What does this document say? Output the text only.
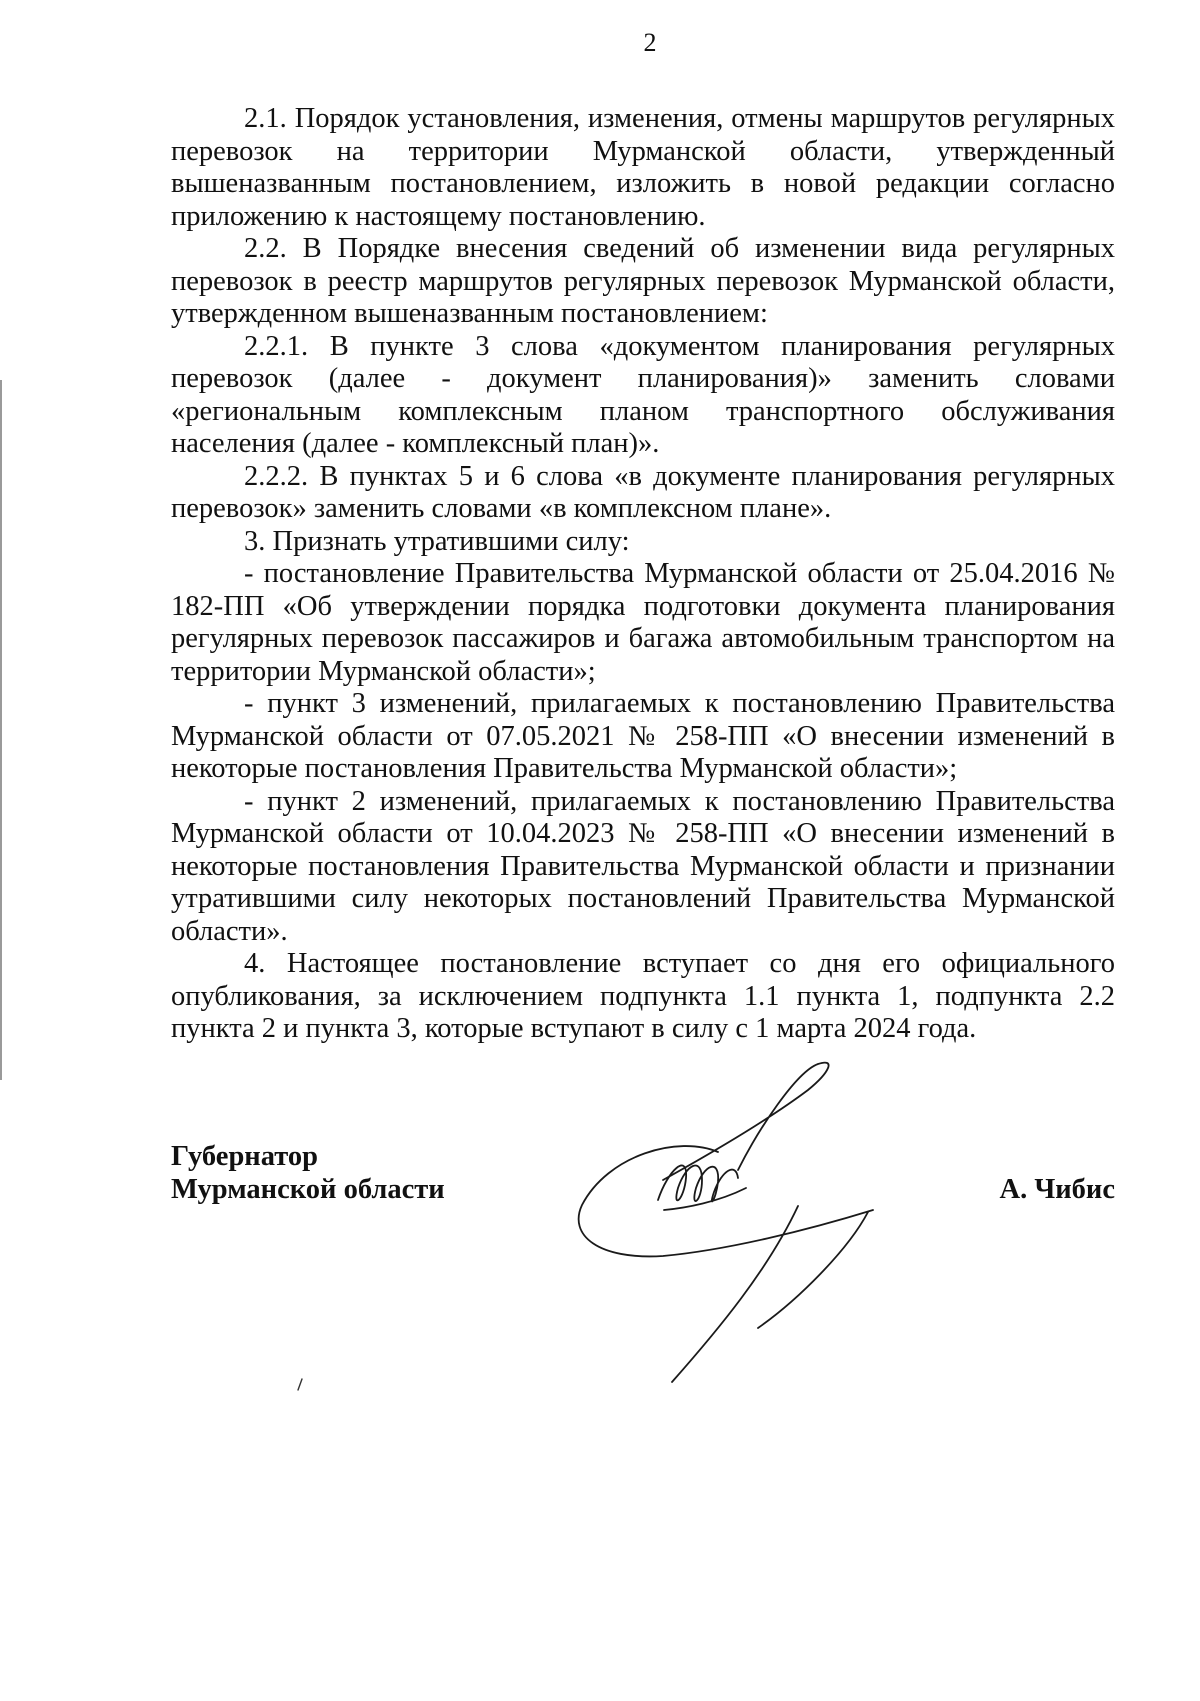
2

2.1. Порядок установления, изменения, отмены маршрутов регулярных перевозок на территории Мурманской области, утвержденный вышеназванным постановлением, изложить в новой редакции согласно приложению к настоящему постановлению.

2.2. В Порядке внесения сведений об изменении вида регулярных перевозок в реестр маршрутов регулярных перевозок Мурманской области, утвержденном вышеназванным постановлением:

2.2.1. В пункте 3 слова «документом планирования регулярных перевозок (далее - документ планирования)» заменить словами «региональным комплексным планом транспортного обслуживания населения (далее - комплексный план)».

2.2.2. В пунктах 5 и 6 слова «в документе планирования регулярных перевозок» заменить словами «в комплексном плане».

3. Признать утратившими силу:

- постановление Правительства Мурманской области от 25.04.2016 № 182-ПП «Об утверждении порядка подготовки документа планирования регулярных перевозок пассажиров и багажа автомобильным транспортом на территории Мурманской области»;

- пункт 3 изменений, прилагаемых к постановлению Правительства Мурманской области от 07.05.2021 № 258-ПП «О внесении изменений в некоторые постановления Правительства Мурманской области»;

- пункт 2 изменений, прилагаемых к постановлению Правительства Мурманской области от 10.04.2023 № 258-ПП «О внесении изменений в некоторые постановления Правительства Мурманской области и признании утратившими силу некоторых постановлений Правительства Мурманской области».

4. Настоящее постановление вступает со дня его официального опубликования, за исключением подпункта 1.1 пункта 1, подпункта 2.2 пункта 2 и пункта 3, которые вступают в силу с 1 марта 2024 года.

Губернатор
Мурманской области	А. Чибис
